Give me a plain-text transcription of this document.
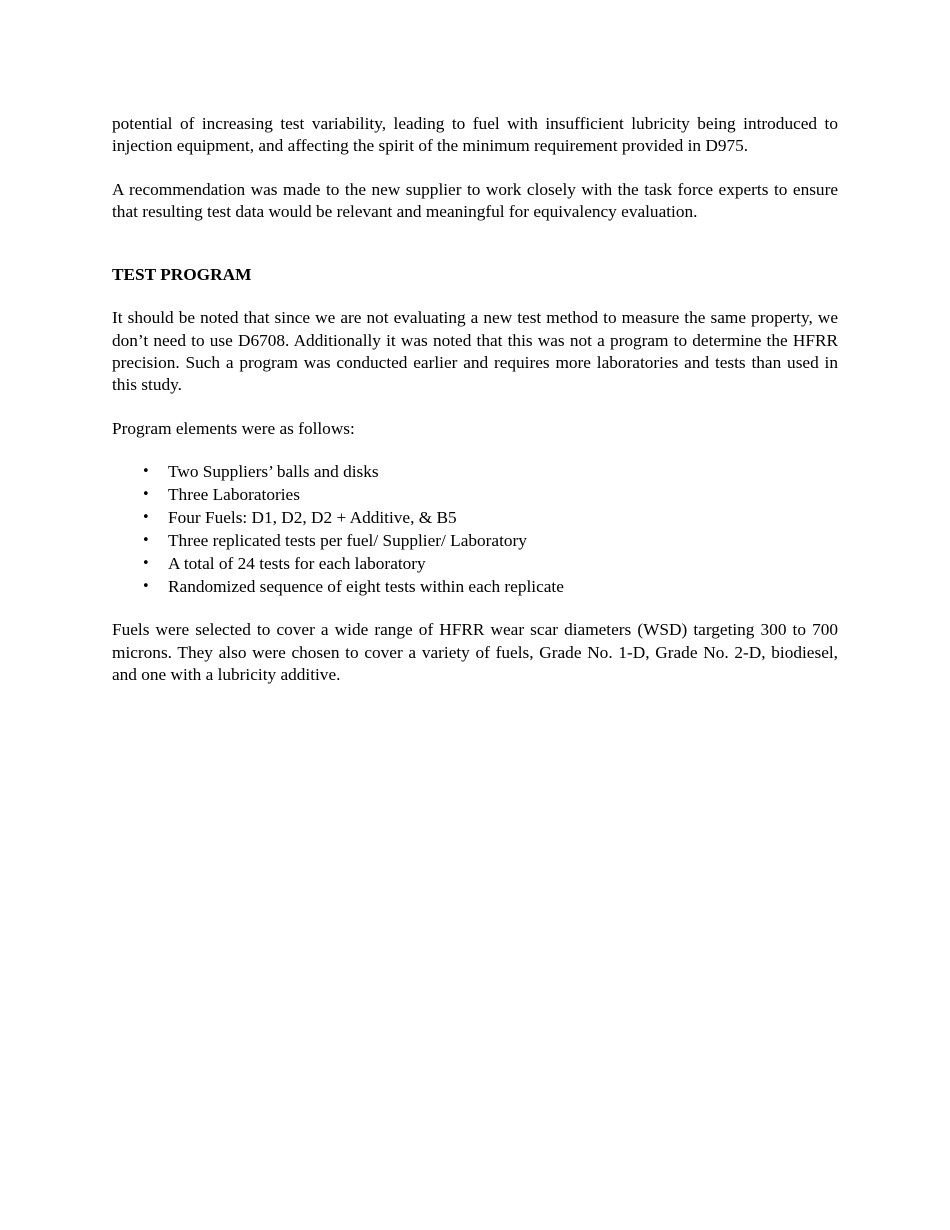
potential of increasing test variability, leading to fuel with insufficient lubricity being introduced to injection equipment, and affecting the spirit of the minimum requirement provided in D975.

A recommendation was made to the new supplier to work closely with the task force experts to ensure that resulting test data would be relevant and meaningful for equivalency evaluation.

TEST PROGRAM

It should be noted that since we are not evaluating a new test method to measure the same property, we don’t need to use D6708. Additionally it was noted that this was not a program to determine the HFRR precision. Such a program was conducted earlier and requires more laboratories and tests than used in this study.

Program elements were as follows:

• Two Suppliers’ balls and disks
• Three Laboratories
• Four Fuels: D1, D2, D2 + Additive, & B5
• Three replicated tests per fuel/ Supplier/ Laboratory
• A total of 24 tests for each laboratory
• Randomized sequence of eight tests within each replicate

Fuels were selected to cover a wide range of HFRR wear scar diameters (WSD) targeting 300 to 700 microns. They also were chosen to cover a variety of fuels, Grade No. 1-D, Grade No. 2-D, biodiesel, and one with a lubricity additive.
